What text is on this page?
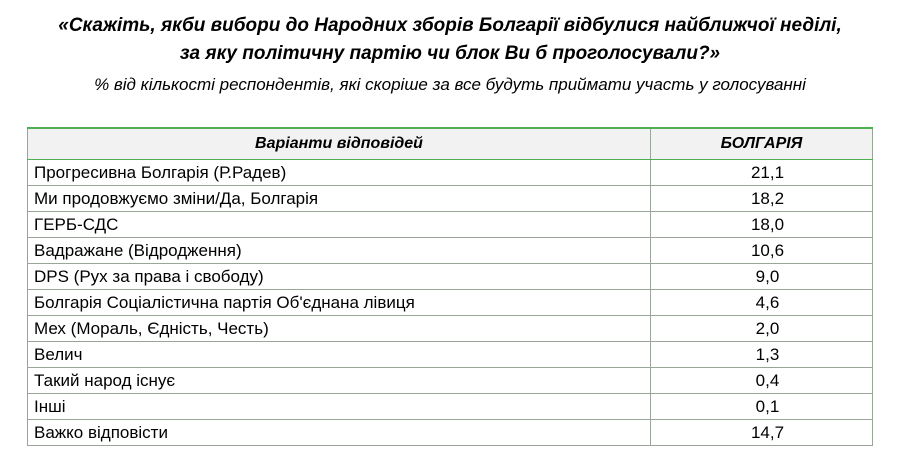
«Скажіть, якби вибори до Народних зборів Болгарії відбулися найближчої неділі,
за яку політичну партію чи блок Ви б проголосували?»
% від кількості респондентів, які скоріше за все будуть приймати участь у голосуванні
Варіанти відповідей	БОЛГАРІЯ
Прогресивна Болгарія (Р.Радев)	21,1
Ми продовжуємо зміни/Да, Болгарія	18,2
ГЕРБ-СДС	18,0
Вадражане (Відродження)	10,6
DPS (Рух за права і свободу)	9,0
Болгарія Соціалістична партія Об'єднана лівиця	4,6
Мех (Мораль, Єдність, Честь)	2,0
Велич	1,3
Такий народ існує	0,4
Інші	0,1
Важко відповісти	14,7
